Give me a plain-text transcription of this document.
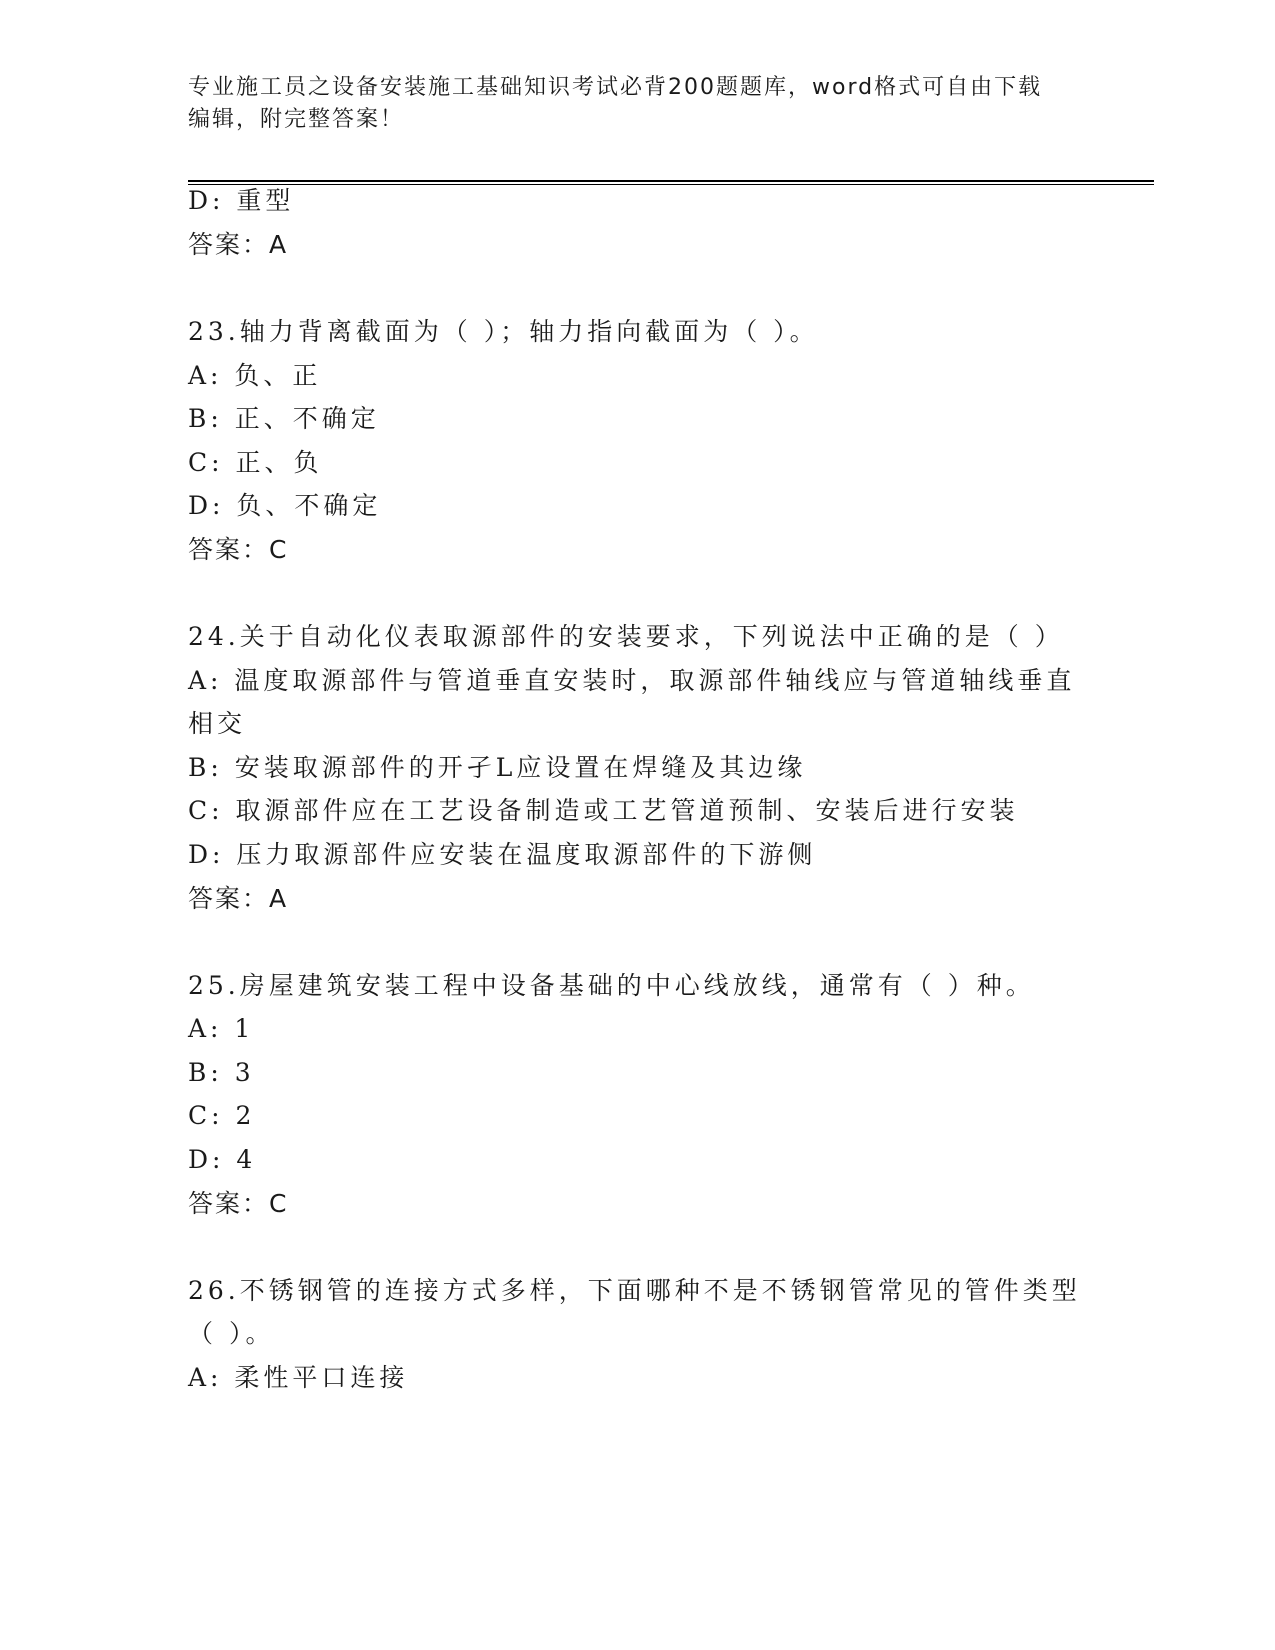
专业施工员之设备安装施工基础知识考试必背200题题库，word格式可自由下载
编辑，附完整答案！
D: 重型
答案：A
23.轴力背离截面为（ ）；轴力指向截面为（ ）。
A: 负、正
B: 正、不确定
C: 正、负
D: 负、不确定
答案：C
24.关于自动化仪表取源部件的安装要求，下列说法中正确的是（ ）
A: 温度取源部件与管道垂直安装时，取源部件轴线应与管道轴线垂直
相交
B: 安装取源部件的开孑L应设置在焊缝及其边缘
C: 取源部件应在工艺设备制造或工艺管道预制、安装后进行安装
D: 压力取源部件应安装在温度取源部件的下游侧
答案：A
25.房屋建筑安装工程中设备基础的中心线放线，通常有（ ）种。
A: 1
B: 3
C: 2
D: 4
答案：C
26.不锈钢管的连接方式多样，下面哪种不是不锈钢管常见的管件类型
（ ）。
A: 柔性平口连接
